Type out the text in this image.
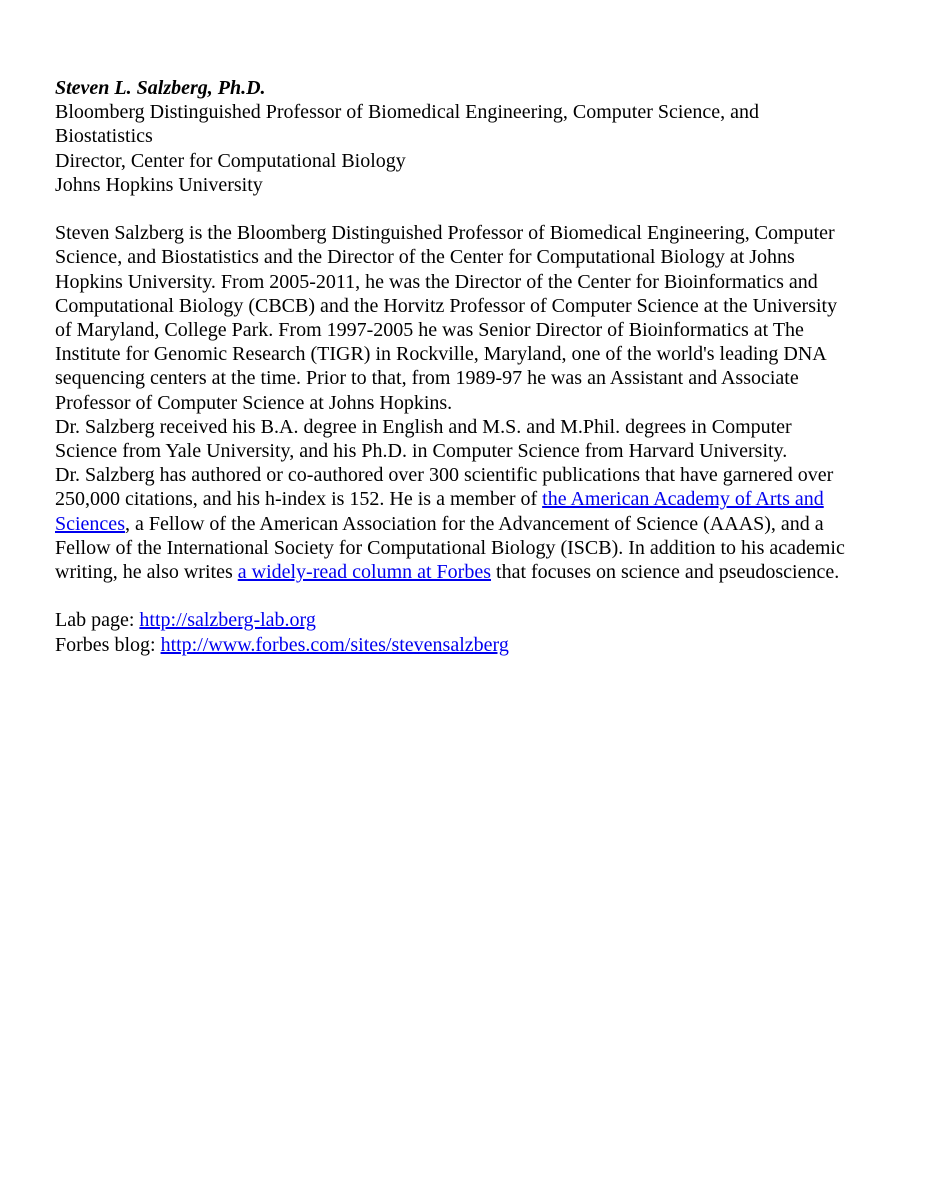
Steven L. Salzberg, Ph.D.
Bloomberg Distinguished Professor of Biomedical Engineering, Computer Science, and
Biostatistics
Director, Center for Computational Biology
Johns Hopkins University
Steven Salzberg is the Bloomberg Distinguished Professor of Biomedical Engineering, Computer Science, and Biostatistics and the Director of the Center for Computational Biology at Johns Hopkins University. From 2005-2011, he was the Director of the Center for Bioinformatics and Computational Biology (CBCB) and the Horvitz Professor of Computer Science at the University of Maryland, College Park. From 1997-2005 he was Senior Director of Bioinformatics at The Institute for Genomic Research (TIGR) in Rockville, Maryland, one of the world's leading DNA sequencing centers at the time. Prior to that, from 1989-97 he was an Assistant and Associate Professor of Computer Science at Johns Hopkins.
Dr. Salzberg received his B.A. degree in English and M.S. and M.Phil. degrees in Computer Science from Yale University, and his Ph.D. in Computer Science from Harvard University.
Dr. Salzberg has authored or co-authored over 300 scientific publications that have garnered over 250,000 citations, and his h-index is 152. He is a member of the American Academy of Arts and Sciences, a Fellow of the American Association for the Advancement of Science (AAAS), and a Fellow of the International Society for Computational Biology (ISCB). In addition to his academic writing, he also writes a widely-read column at Forbes that focuses on science and pseudoscience.
Lab page: http://salzberg-lab.org
Forbes blog: http://www.forbes.com/sites/stevensalzberg
